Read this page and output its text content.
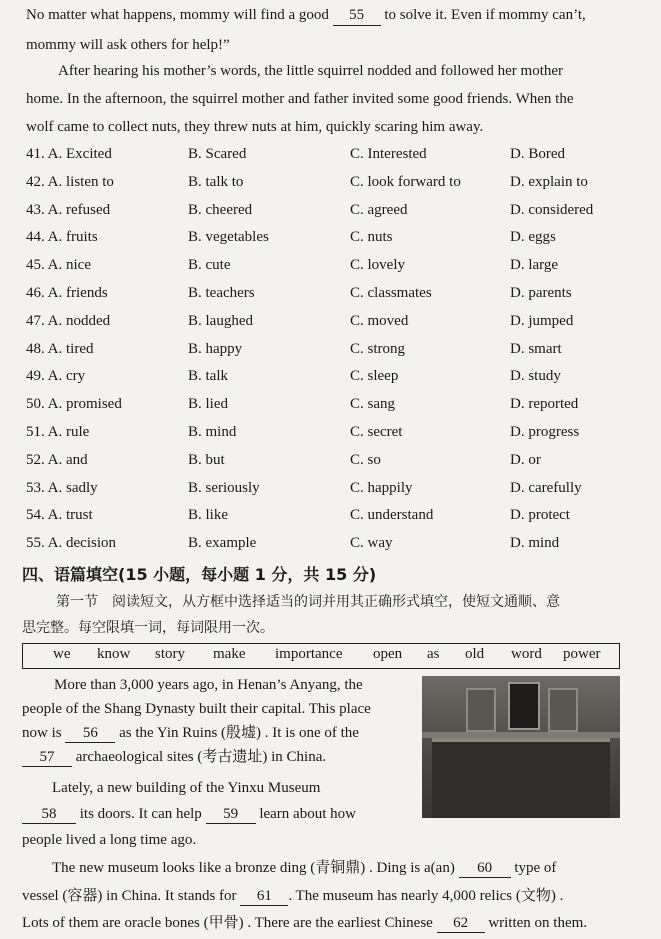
No matter what happens, mommy will find a good 55 to solve it. Even if mommy can’t,
mommy will ask others for help!”
After hearing his mother’s words, the little squirrel nodded and followed her mother
home. In the afternoon, the squirrel mother and father invited some good friends. When the
wolf came to collect nuts, they threw nuts at him, quickly scaring him away.
41. A. Excited	B. Scared	C. Interested	D. Bored
42. A. listen to	B. talk to	C. look forward to	D. explain to
43. A. refused	B. cheered	C. agreed	D. considered
44. A. fruits	B. vegetables	C. nuts	D. eggs
45. A. nice	B. cute	C. lovely	D. large
46. A. friends	B. teachers	C. classmates	D. parents
47. A. nodded	B. laughed	C. moved	D. jumped
48. A. tired	B. happy	C. strong	D. smart
49. A. cry	B. talk	C. sleep	D. study
50. A. promised	B. lied	C. sang	D. reported
51. A. rule	B. mind	C. secret	D. progress
52. A. and	B. but	C. so	D. or
53. A. sadly	B. seriously	C. happily	D. carefully
54. A. trust	B. like	C. understand	D. protect
55. A. decision	B. example	C. way	D. mind
四、语篇填空(15 小题，每小题 1 分，共 15 分)
第一节　阅读短文，从方框中选择适当的词并用其正确形式填空，使短文通顺、意
思完整。每空限填一词，每词限用一次。
we know story make importance open as old word power
More than 3,000 years ago, in Henan’s Anyang, the
people of the Shang Dynasty built their capital. This place
now is 56 as the Yin Ruins (殷墟) . It is one of the
57 archaeological sites (考古遗址) in China.
Lately, a new building of the Yinxu Museum
58 its doors. It can help 59 learn about how
people lived a long time ago.
The new museum looks like a bronze ding (青铜鼎) . Ding is a(an) 60 type of
vessel (容器) in China. It stands for 61 . The museum has nearly 4,000 relics (文物) .
Lots of them are oracle bones (甲骨) . There are the earliest Chinese 62 written on them.
